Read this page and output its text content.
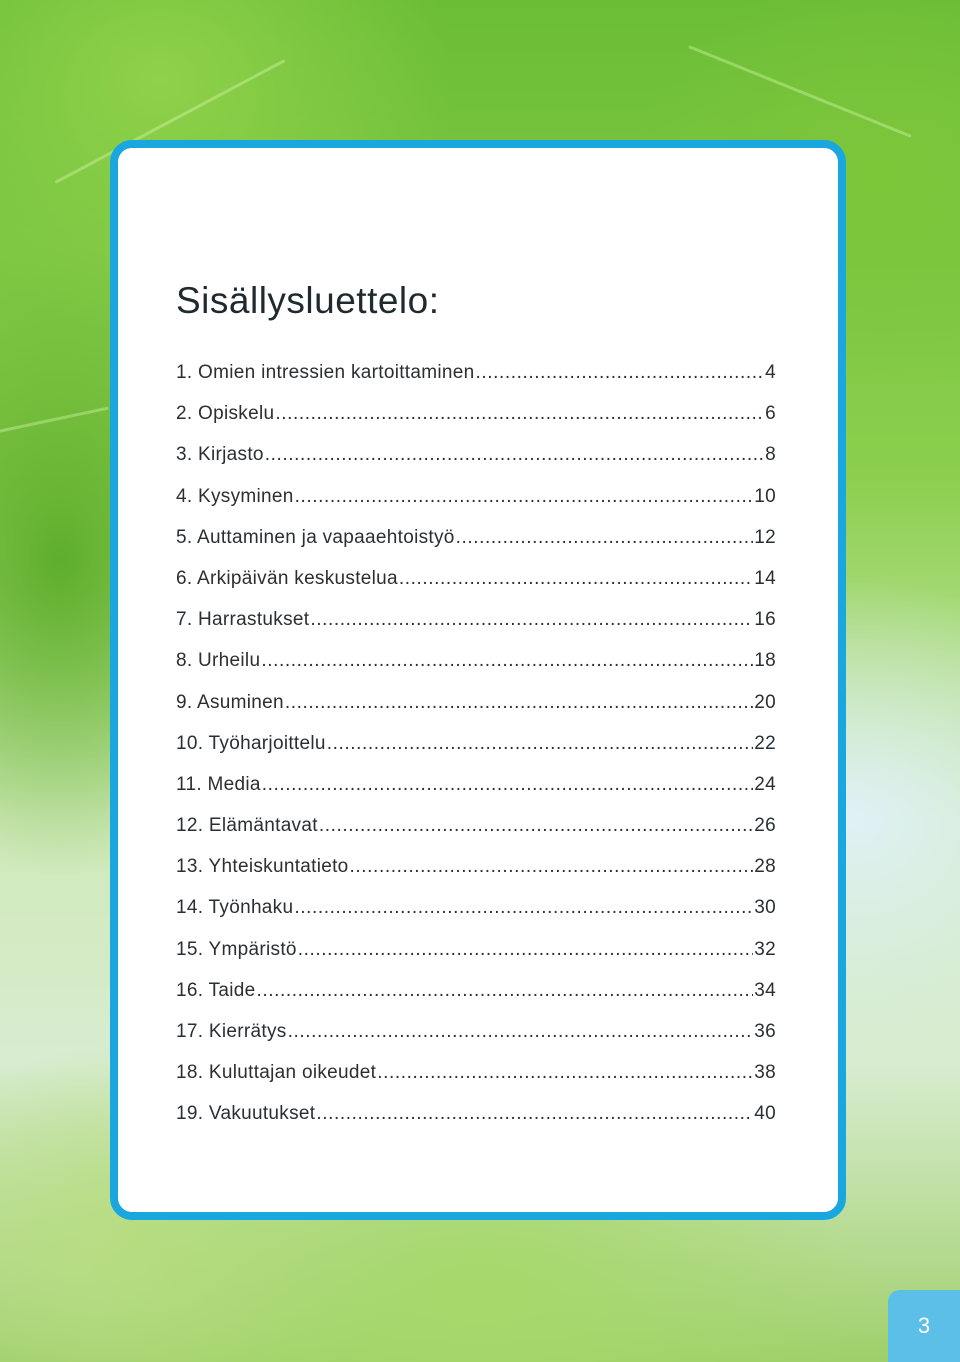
Sisällysluettelo:
1. Omien intressien kartoittaminen .....	4
2. Opiskelu .....	6
3. Kirjasto .....	8
4. Kysyminen .....	10
5. Auttaminen ja vapaaehtoistyö .....	12
6. Arkipäivän keskustelua .....	14
7. Harrastukset .....	16
8. Urheilu .....	18
9. Asuminen .....	20
10. Työharjoittelu .....	22
11. Media .....	24
12. Elämäntavat .....	26
13. Yhteiskuntatieto .....	28
14. Työnhaku .....	30
15. Ympäristö .....	32
16. Taide .....	34
17. Kierrätys .....	36
18. Kuluttajan oikeudet .....	38
19. Vakuutukset .....	40
3
